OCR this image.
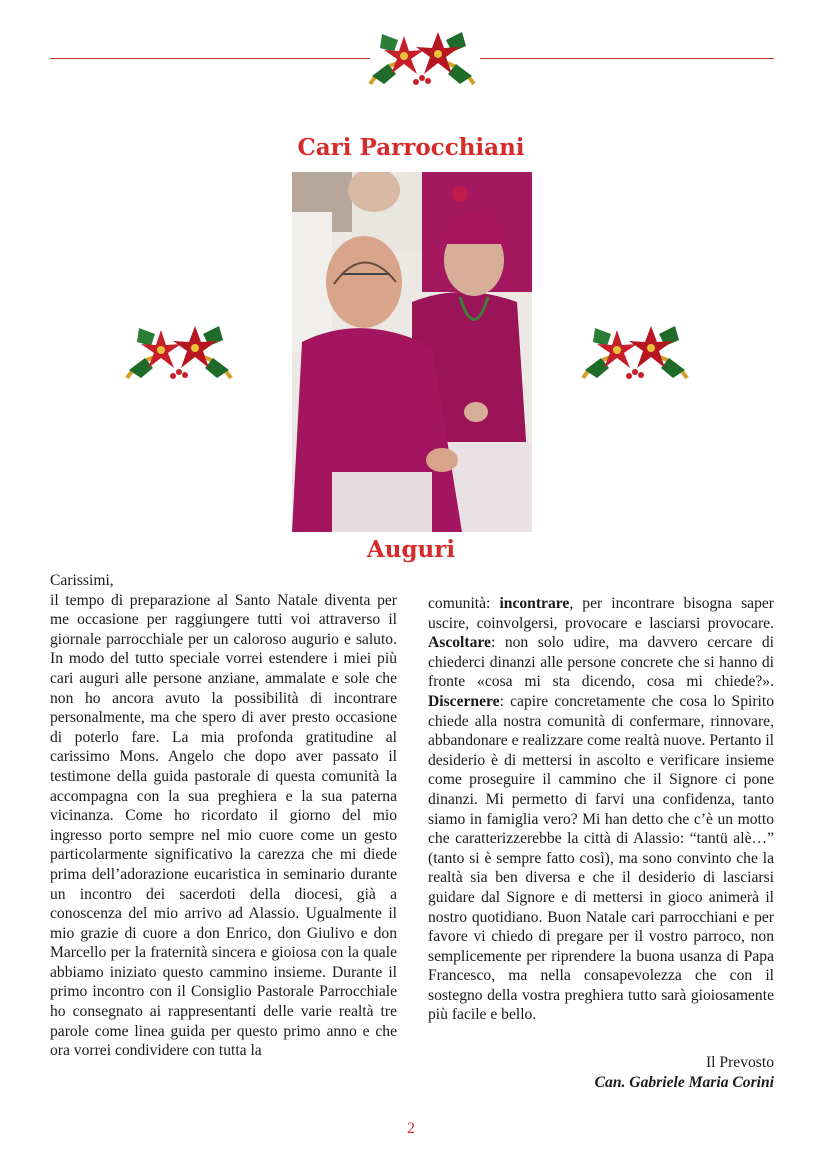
Cari Parrocchiani
Auguri

Carissimi,

il tempo di preparazione al Santo Natale diventa per me occasione per raggiungere tutti voi attraverso il giornale parrocchiale per un caloroso augurio e saluto. In modo del tutto speciale vorrei estendere i miei più cari auguri alle persone anziane, ammalate e sole che non ho ancora avuto la possibilità di incontrare personalmente, ma che spero di aver presto occasione di poterlo fare. La mia profonda gratitudine al carissimo Mons. Angelo che dopo aver passato il testimone della guida pastorale di questa comunità la accompagna con la sua preghiera e la sua paterna vicinanza. Come ho ricordato il giorno del mio ingresso porto sempre nel mio cuore come un gesto particolarmente significativo la carezza che mi diede prima dell’adorazione eucaristica in seminario durante un incontro dei sacerdoti della diocesi, già a conoscenza del mio arrivo ad Alassio. Ugualmente il mio grazie di cuore a don Enrico, don Giulivo e don Marcello per la fraternità sincera e gioiosa con la quale abbiamo iniziato questo cammino insieme. Durante il primo incontro con il Consiglio Pastorale Parrocchiale ho consegnato ai rappresentanti delle varie realtà tre parole come linea guida per questo primo anno e che ora vorrei condividere con tutta la

comunità: incontrare, per incontrare bisogna saper uscire, coinvolgersi, provocare e lasciarsi provocare. Ascoltare: non solo udire, ma davvero cercare di chiederci dinanzi alle persone concrete che si hanno di fronte «cosa mi sta dicendo, cosa mi chiede?». Discernere: capire concretamente che cosa lo Spirito chiede alla nostra comunità di confermare, rinnovare, abbandonare e realizzare come realtà nuove. Pertanto il desiderio è di mettersi in ascolto e verificare insieme come proseguire il cammino che il Signore ci pone dinanzi. Mi permetto di farvi una confidenza, tanto siamo in famiglia vero? Mi han detto che c’è un motto che caratterizzerebbe la città di Alassio: “tantü alè…” (tanto si è sempre fatto così), ma sono convinto che la realtà sia ben diversa e che il desiderio di lasciarsi guidare dal Signore e di mettersi in gioco animerà il nostro quotidiano. Buon Natale cari parrocchiani e per favore vi chiedo di pregare per il vostro parroco, non semplicemente per riprendere la buona usanza di Papa Francesco, ma nella consapevolezza che con il sostegno della vostra preghiera tutto sarà gioiosamente più facile e bello.

Il Prevosto
Can. Gabriele Maria Corini
2
